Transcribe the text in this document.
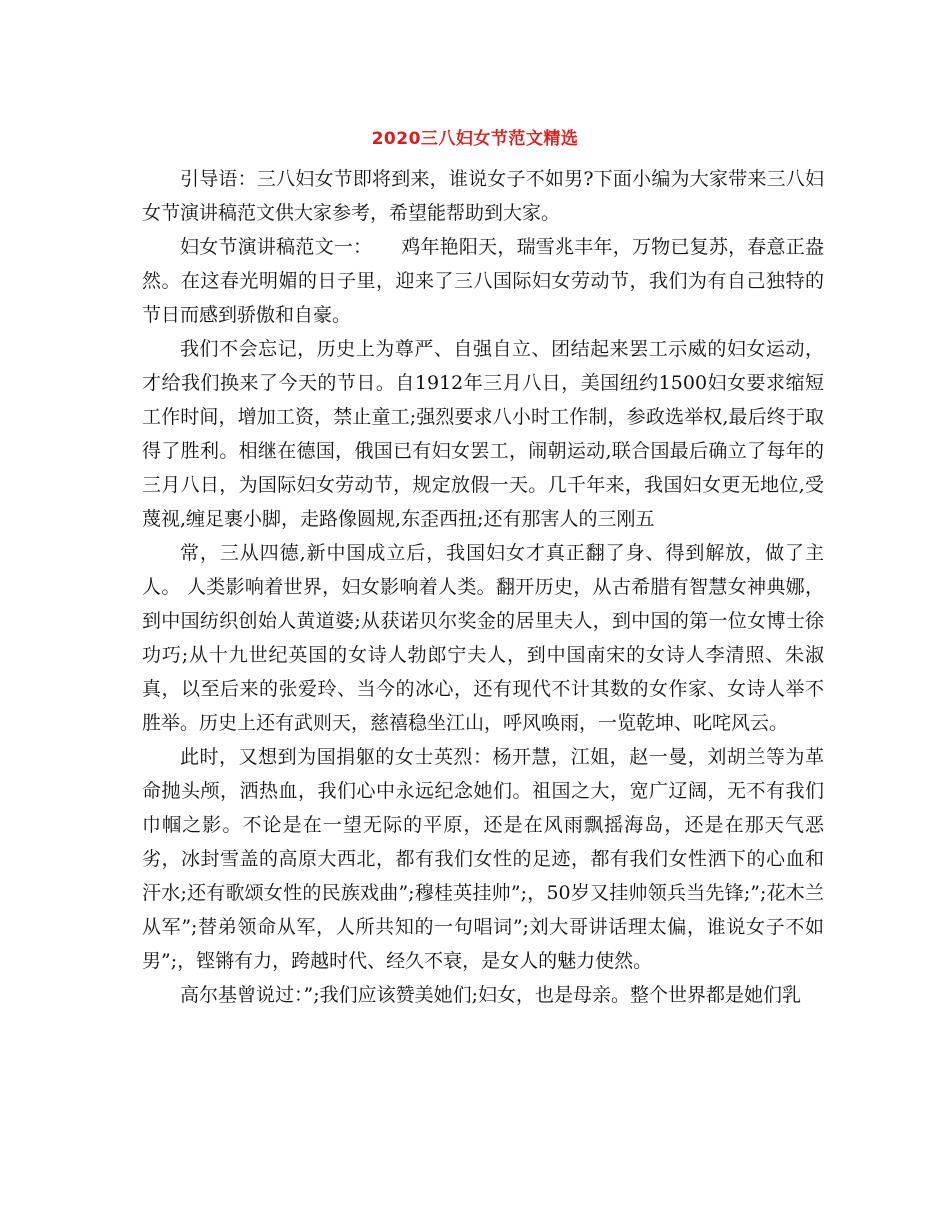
2020三八妇女节范文精选

引导语：三八妇女节即将到来，谁说女子不如男?下面小编为大家带来三八妇女节演讲稿范文供大家参考，希望能帮助到大家。

妇女节演讲稿范文一：　　鸡年艳阳天，瑞雪兆丰年，万物已复苏，春意正盎然。在这春光明媚的日子里，迎来了三八国际妇女劳动节，我们为有自己独特的节日而感到骄傲和自豪。

我们不会忘记，历史上为尊严、自强自立、团结起来罢工示威的妇女运动，才给我们换来了今天的节日。自1912年三月八日，美国纽约1500妇女要求缩短工作时间，增加工资，禁止童工;强烈要求八小时工作制，参政选举权,最后终于取得了胜利。相继在德国，俄国已有妇女罢工，闹朝运动,联合国最后确立了每年的三月八日，为国际妇女劳动节，规定放假一天。几千年来，我国妇女更无地位,受蔑视,缠足裹小脚，走路像圆规,东歪西扭;还有那害人的三刚五

常，三从四德,新中国成立后，我国妇女才真正翻了身、得到解放，做了主人。 人类影响着世界，妇女影响着人类。翻开历史，从古希腊有智慧女神典娜，到中国纺织创始人黄道婆;从获诺贝尔奖金的居里夫人，到中国的第一位女博士徐功巧;从十九世纪英国的女诗人勃郎宁夫人，到中国南宋的女诗人李清照、朱淑真，以至后来的张爱玲、当今的冰心，还有现代不计其数的女作家、女诗人举不胜举。历史上还有武则天，慈禧稳坐江山，呼风唤雨，一览乾坤、叱咤风云。

此时，又想到为国捐躯的女士英烈：杨开慧，江姐，赵一曼，刘胡兰等为革命抛头颅，洒热血，我们心中永远纪念她们。祖国之大，宽广辽阔，无不有我们巾帼之影。不论是在一望无际的平原，还是在风雨飘摇海岛，还是在那天气恶劣，冰封雪盖的高原大西北，都有我们女性的足迹，都有我们女性洒下的心血和汗水;还有歌颂女性的民族戏曲”;穆桂英挂帅”;，50岁又挂帅领兵当先锋;”;花木兰从军”;替弟领命从军，人所共知的一句唱词”;刘大哥讲话理太偏，谁说女子不如男”;，铿锵有力，跨越时代、经久不衰，是女人的魅力使然。

高尔基曾说过：”;我们应该赞美她们;妇女，也是母亲。整个世界都是她们乳
